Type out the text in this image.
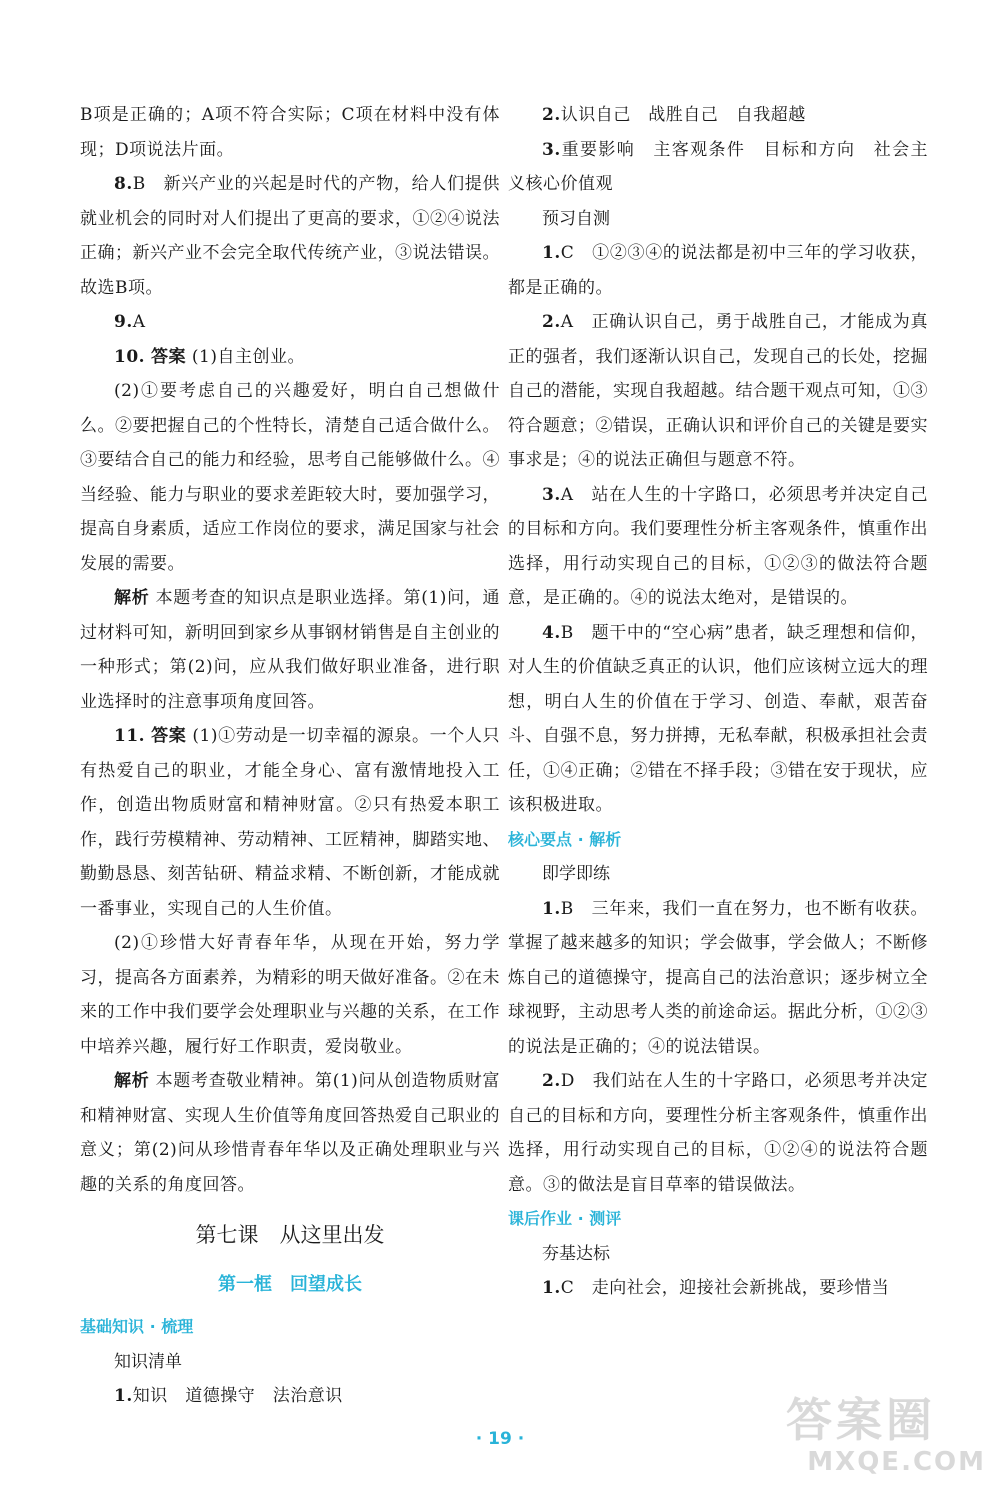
B项是正确的；A项不符合实际；C项在材料中没有体现；D项说法片面。

8.B　新兴产业的兴起是时代的产物，给人们提供就业机会的同时对人们提出了更高的要求，①②④说法正确；新兴产业不会完全取代传统产业，③说法错误。故选B项。

9.A

10. 答案 (1)自主创业。

(2)①要考虑自己的兴趣爱好，明白自己想做什么。②要把握自己的个性特长，清楚自己适合做什么。③要结合自己的能力和经验，思考自己能够做什么。④当经验、能力与职业的要求差距较大时，要加强学习，提高自身素质，适应工作岗位的要求，满足国家与社会发展的需要。

解析 本题考查的知识点是职业选择。第(1)问，通过材料可知，新明回到家乡从事钢材销售是自主创业的一种形式；第(2)问，应从我们做好职业准备，进行职业选择时的注意事项角度回答。

11. 答案 (1)①劳动是一切幸福的源泉。一个人只有热爱自己的职业，才能全身心、富有激情地投入工作，创造出物质财富和精神财富。②只有热爱本职工作，践行劳模精神、劳动精神、工匠精神，脚踏实地、勤勤恳恳、刻苦钻研、精益求精、不断创新，才能成就一番事业，实现自己的人生价值。

(2)①珍惜大好青春年华，从现在开始，努力学习，提高各方面素养，为精彩的明天做好准备。②在未来的工作中我们要学会处理职业与兴趣的关系，在工作中培养兴趣，履行好工作职责，爱岗敬业。

解析 本题考查敬业精神。第(1)问从创造物质财富和精神财富、实现人生价值等角度回答热爱自己职业的意义；第(2)问从珍惜青春年华以及正确处理职业与兴趣的关系的角度回答。

第七课　从这里出发
第一框　回望成长

基础知识 · 梳理

知识清单

1.知识　道德操守　法治意识

2.认识自己　战胜自己　自我超越

3.重要影响　主客观条件　目标和方向　社会主义核心价值观

预习自测

1.C　①②③④的说法都是初中三年的学习收获，都是正确的。

2.A　正确认识自己，勇于战胜自己，才能成为真正的强者，我们逐渐认识自己，发现自己的长处，挖掘自己的潜能，实现自我超越。结合题干观点可知，①③符合题意；②错误，正确认识和评价自己的关键是要实事求是；④的说法正确但与题意不符。

3.A　站在人生的十字路口，必须思考并决定自己的目标和方向。我们要理性分析主客观条件，慎重作出选择，用行动实现自己的目标，①②③的做法符合题意，是正确的。④的说法太绝对，是错误的。

4.B　题干中的“空心病”患者，缺乏理想和信仰，对人生的价值缺乏真正的认识，他们应该树立远大的理想，明白人生的价值在于学习、创造、奉献，艰苦奋斗、自强不息，努力拼搏，无私奉献，积极承担社会责任，①④正确；②错在不择手段；③错在安于现状，应该积极进取。

核心要点 · 解析

即学即练

1.B　三年来，我们一直在努力，也不断有收获。掌握了越来越多的知识；学会做事，学会做人；不断修炼自己的道德操守，提高自己的法治意识；逐步树立全球视野，主动思考人类的前途命运。据此分析，①②③的说法是正确的；④的说法错误。

2.D　我们站在人生的十字路口，必须思考并决定自己的目标和方向，要理性分析主客观条件，慎重作出选择，用行动实现自己的目标，①②④的说法符合题意。③的做法是盲目草率的错误做法。

课后作业 · 测评

夯基达标

1.C　走向社会，迎接社会新挑战，要珍惜当

· 19 ·	答案圈
MXQE.COM
